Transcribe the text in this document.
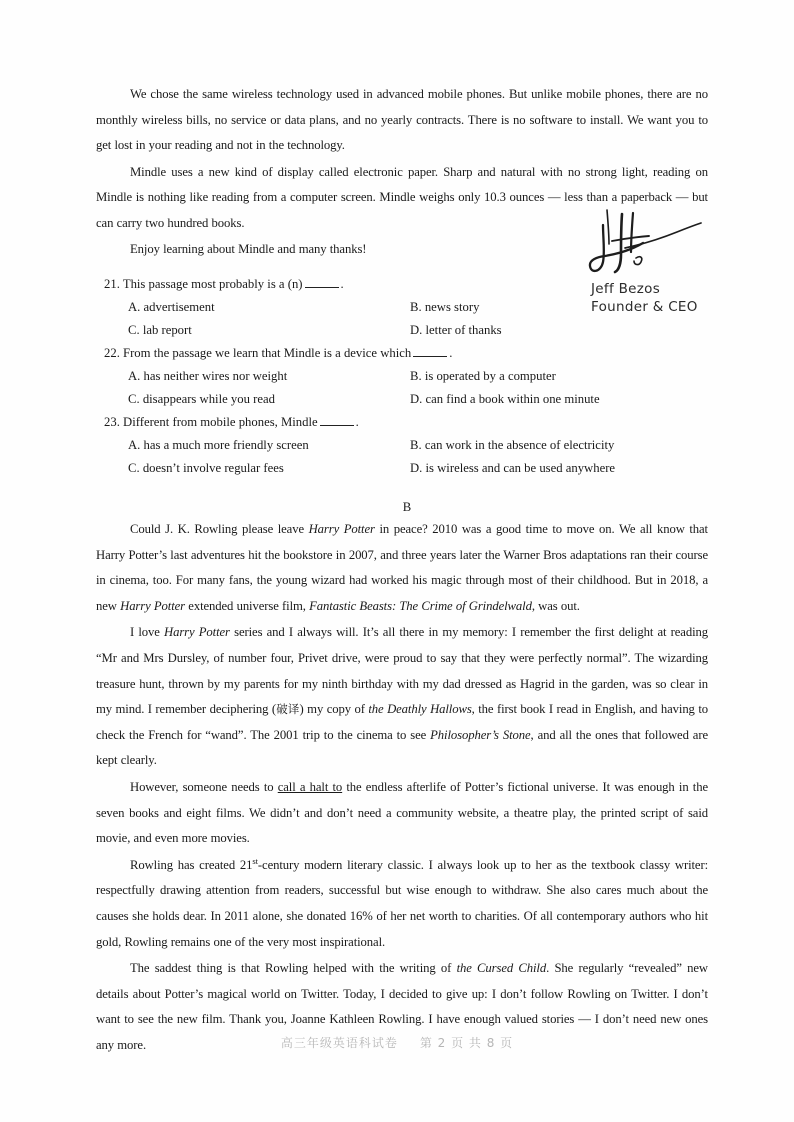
We chose the same wireless technology used in advanced mobile phones. But unlike mobile phones, there are no monthly wireless bills, no service or data plans, and no yearly contracts. There is no software to install. We want you to get lost in your reading and not in the technology.

Mindle uses a new kind of display called electronic paper. Sharp and natural with no strong light, reading on Mindle is nothing like reading from a computer screen. Mindle weighs only 10.3 ounces — less than a paperback — but can carry two hundred books.

Enjoy learning about Mindle and many thanks!

Jeff Bezos
Founder & CEO

21. This passage most probably is a (n)	.

A. advertisement	B. news story
C. lab report	D. letter of thanks

22. From the passage we learn that Mindle is a device which	.

A. has neither wires nor weight	B. is operated by a computer
C. disappears while you read	D. can find a book within one minute

23. Different from mobile phones, Mindle	.

A. has a much more friendly screen	B. can work in the absence of electricity
C. doesn’t involve regular fees	D. is wireless and can be used anywhere

B

Could J. K. Rowling please leave Harry Potter in peace? 2010 was a good time to move on. We all know that Harry Potter’s last adventures hit the bookstore in 2007, and three years later the Warner Bros adaptations ran their course in cinema, too. For many fans, the young wizard had worked his magic through most of their childhood. But in 2018, a new Harry Potter extended universe film, Fantastic Beasts: The Crime of Grindelwald, was out.

I love Harry Potter series and I always will. It’s all there in my memory: I remember the first delight at reading “Mr and Mrs Dursley, of number four, Privet drive, were proud to say that they were perfectly normal”. The wizarding treasure hunt, thrown by my parents for my ninth birthday with my dad dressed as Hagrid in the garden, was so clear in my mind. I remember deciphering (破译) my copy of the Deathly Hallows, the first book I read in English, and having to check the French for “wand”. The 2001 trip to the cinema to see Philosopher’s Stone, and all the ones that followed are kept clearly.

However, someone needs to call a halt to the endless afterlife of Potter’s fictional universe. It was enough in the seven books and eight films. We didn’t and don’t need a community website, a theatre play, the printed script of said movie, and even more movies.

Rowling has created 21st-century modern literary classic. I always look up to her as the textbook classy writer: respectfully drawing attention from readers, successful but wise enough to withdraw. She also cares much about the causes she holds dear. In 2011 alone, she donated 16% of her net worth to charities. Of all contemporary authors who hit gold, Rowling remains one of the very most inspirational.

The saddest thing is that Rowling helped with the writing of the Cursed Child. She regularly “revealed” new details about Potter’s magical world on Twitter. Today, I decided to give up: I don’t follow Rowling on Twitter. I don’t want to see the new film. Thank you, Joanne Kathleen Rowling. I have enough valued stories — I don’t need new ones any more.	高三年级英语科试卷 第 2 页 共 8 页
